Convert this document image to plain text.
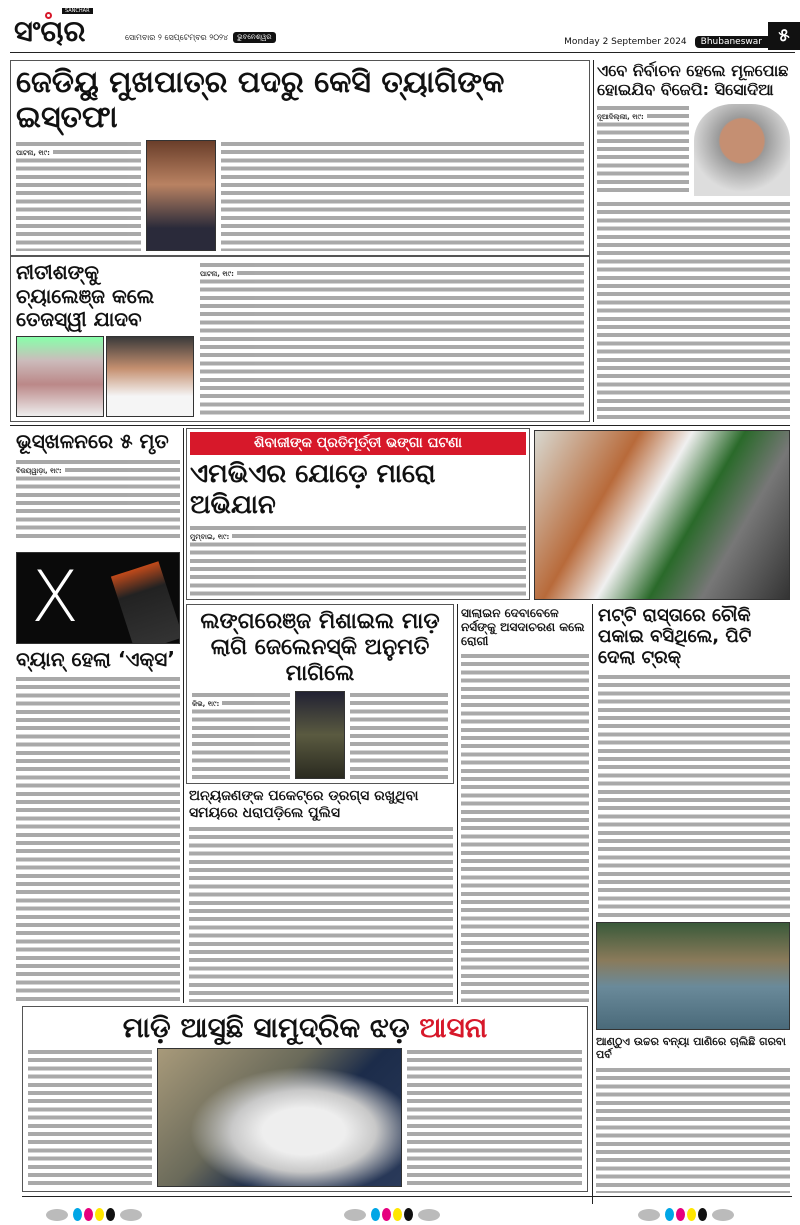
SANCHAR
ସଂଚାର	ସୋମବାର ୨ ସେପ୍ଟେମ୍ବର ୨୦୨୪	ଭୁବନେଶ୍ୱର	Monday 2 September 2024	Bhubaneswar ୫
ଜେଡିୟୁ ମୁଖପାତ୍ର ପଦରୁ କେସି ତ୍ୟାଗିଙ୍କ ଇସ୍ତଫା
ପାଟନା, ୧ା୯:
ଏବେ ନିର୍ବାଚନ ହେଲେ ମୂଳପୋଛ ହୋଇଯିବ ବିଜେପି: ସିସୋଦିଆ
ନୂଆଦିଲ୍ଲୀ, ୧ା୯:
ନୀତୀଶଙ୍କୁ ଚ୍ୟାଲେଞ୍ଜ କଲେ ତେଜସ୍ୱୀ ଯାଦବ
ପାଟନା, ୧ା୯:
ଭୂସ୍ଖଳନରେ ୫ ମୃତ
ବିଜୟୱାଡ଼ା, ୧ା୯:
X
ବ୍ୟାନ୍ ହେଲା ‘ଏକ୍ସ’
ଶିବାଜୀଙ୍କ ପ୍ରତିମୂର୍ତ୍ତୀ ଭଙ୍ଗା ଘଟଣା
ଏମଭିଏର ଯୋଡ଼େ ମାରୋ ଅଭିଯାନ
ମୁମ୍ବାଇ, ୧ା୯:
ଲଙ୍ଗରେଞ୍ଜ ମିଶାଇଲ ମାଡ଼ ଲାଗି ଜେଲେନସ୍କି ଅନୁମତି ମାଗିଲେ
କିଭ, ୧ା୯:
ଅନ୍ୟଜଣଙ୍କ ପକେଟ୍‌ରେ ଡ୍ରଗ୍ସ ରଖୁଥିବା ସମୟରେ ଧରାପଡ଼ିଲେ ପୁଲିସ
ସାଲାଇନ ଦେବାବେଳେ ନର୍ସଙ୍କୁ ଅସଦାଚରଣ କଲେ ରୋଗୀ
ମଟ୍ଟି ରାସ୍ତାରେ ଚୌକି ପକାଇ ବସିଥିଲେ, ପିଟି ଦେଲା ଟ୍ରକ୍
ଆଣ୍ଠୁଏ ଉଚ୍ଚର ବନ୍ୟା ପାଣିରେ ଚାଲିଛି ଗରବା ପର୍ବ
ମାଡ଼ି ଆସୁଛି ସାମୁଦ୍ରିକ ଝଡ଼ ଆସନା
